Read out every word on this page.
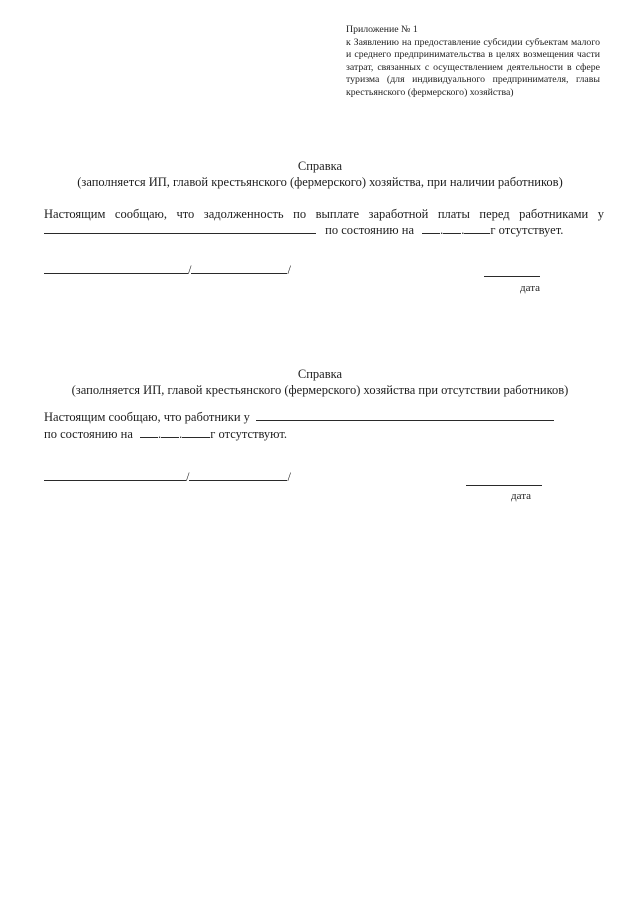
Приложение № 1
к Заявлению на предоставление субсидии субъектам малого и среднего предпринимательства в целях возмещения части затрат, связанных с осуществлением деятельности в сфере туризма (для индивидуального предпринимателя, главы крестьянского (фермерского) хозяйства)
Справка
(заполняется ИП, главой крестьянского (фермерского) хозяйства, при наличии работников)
Настоящим сообщаю, что задолженность по выплате заработной платы перед работниками у
по состоянию на . . г отсутствует.
/	/
дата
Справка
(заполняется ИП, главой крестьянского (фермерского) хозяйства при отсутствии работников)
Настоящим сообщаю, что работники у
по состоянию на . . г отсутствуют.
/	/
дата
